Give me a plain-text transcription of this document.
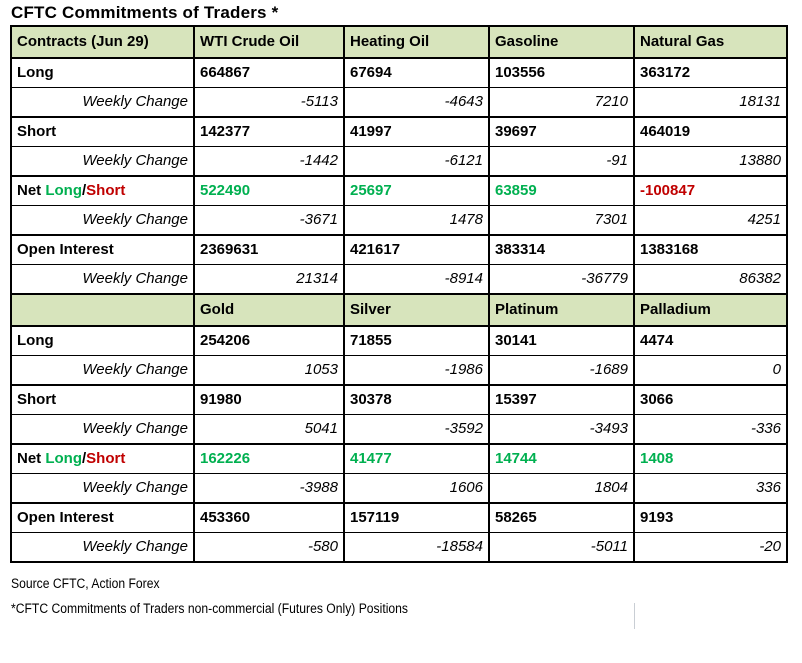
CFTC Commitments of Traders *
Contracts (Jun 29)	WTI Crude Oil	Heating Oil	Gasoline	Natural Gas
Long	664867	67694	103556	363172
Weekly Change	-5113	-4643	7210	18131
Short	142377	41997	39697	464019
Weekly Change	-1442	-6121	-91	13880
Net Long/Short	522490	25697	63859	-100847
Weekly Change	-3671	1478	7301	4251
Open Interest	2369631	421617	383314	1383168
Weekly Change	21314	-8914	-36779	86382
	Gold	Silver	Platinum	Palladium
Long	254206	71855	30141	4474
Weekly Change	1053	-1986	-1689	0
Short	91980	30378	15397	3066
Weekly Change	5041	-3592	-3493	-336
Net Long/Short	162226	41477	14744	1408
Weekly Change	-3988	1606	1804	336
Open Interest	453360	157119	58265	9193
Weekly Change	-580	-18584	-5011	-20
Source CFTC, Action Forex
*CFTC Commitments of Traders non-commercial (Futures Only) Positions
